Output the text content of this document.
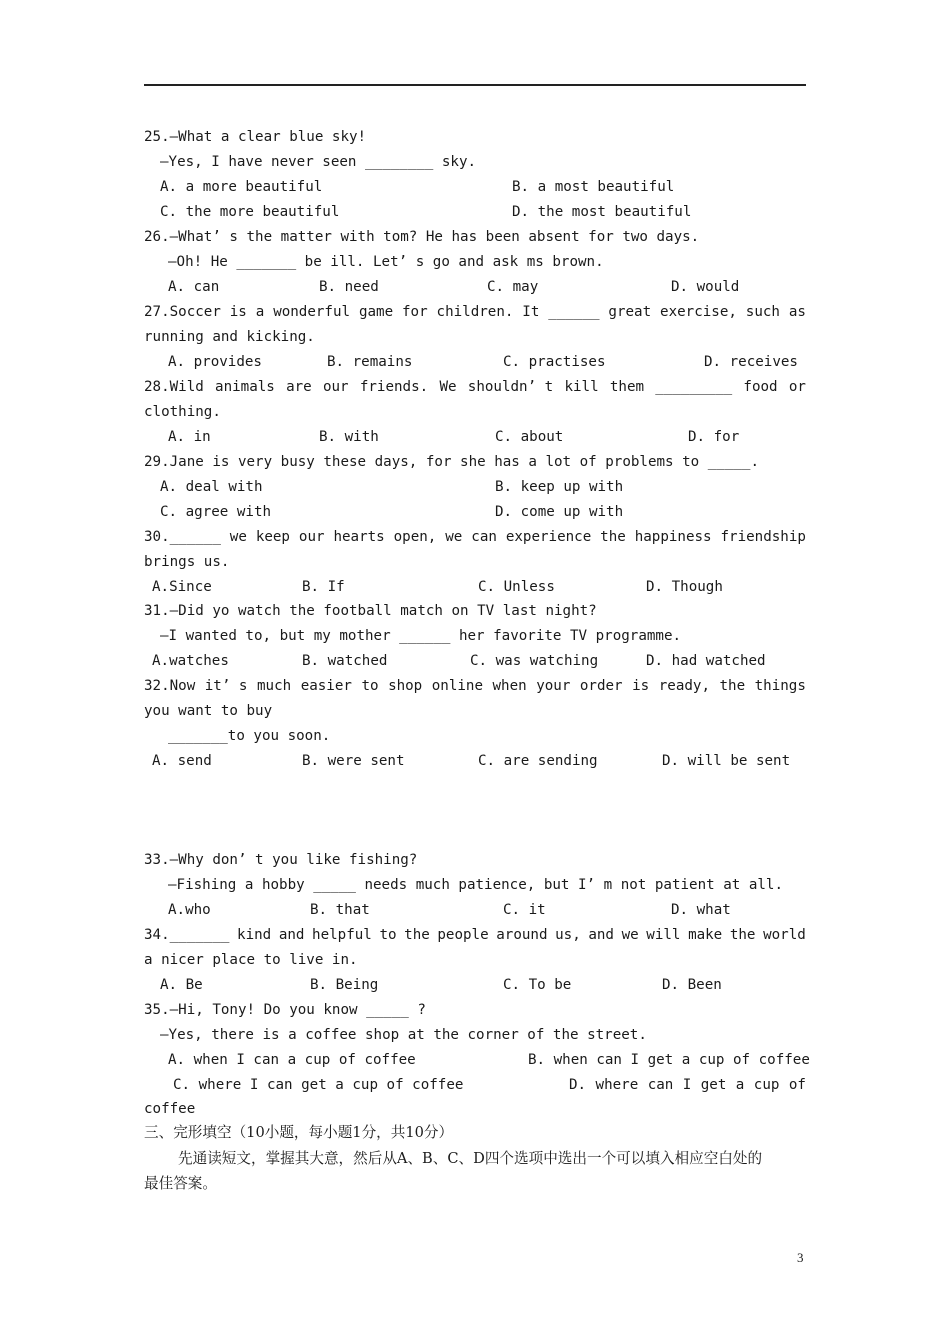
25.—What a clear blue sky!
—Yes, I have never seen ________ sky.
A. a more beautiful	B. a most beautiful
C. the more beautiful	D. the most beautiful
26.—What’ s the matter with tom? He has been absent for two days.
—Oh! He _______ be ill. Let’ s go and ask ms brown.
A. can	B. need	C. may	D. would
27.Soccer is a wonderful game for children. It ______ great exercise, such as
running and kicking.
A. provides	B. remains	C. practises	D. receives
28.Wild animals are our friends. We shouldn’ t kill them _________ food or
clothing.
A. in	B. with	C. about	D. for
29.Jane is very busy these days, for she has a lot of problems to _____.
A. deal with	B. keep up with
C. agree with	D. come up with
30.______ we keep our hearts open, we can experience the happiness friendship
brings us.
A.Since	B. If	C. Unless	D. Though
31.—Did yo watch the football match on TV last night?
—I wanted to, but my mother ______ her favorite TV programme.
A.watches	B. watched	C. was watching	D. had watched
32.Now it’ s much easier to shop online when your order is ready, the things
you want to buy
_______to you soon.
A. send	B. were sent	C. are sending	D. will be sent
33.—Why don’ t you like fishing?
—Fishing a hobby _____ needs much patience, but I’ m not patient at all.
A.who	B. that	C. it	D. what
34._______ kind and helpful to the people around us, and we will make the world
a nicer place to live in.
A. Be	B. Being	C. To be	D. Been
35.—Hi, Tony! Do you know _____ ?
—Yes, there is a coffee shop at the corner of the street.
A. when I can a cup of coffee	B. when can I get a cup of coffee
C. where I can get a cup of coffee	D. where can I get a cup of
coffee
三、完形填空（10小题，每小题1分，共10分）
先通读短文，掌握其大意，然后从A、B、C、D四个选项中选出一个可以填入相应空白处的
最佳答案。
3
